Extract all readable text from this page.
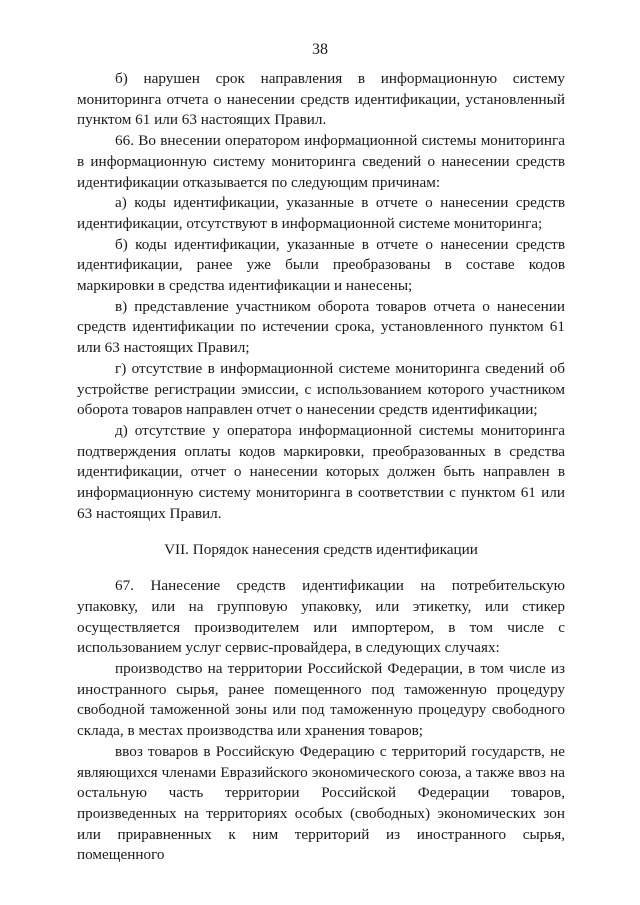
38

б) нарушен срок направления в информационную систему мониторинга отчета о нанесении средств идентификации, установленный пунктом 61 или 63 настоящих Правил.

66. Во внесении оператором информационной системы мониторинга в информационную систему мониторинга сведений о нанесении средств идентификации отказывается по следующим причинам:

а) коды идентификации, указанные в отчете о нанесении средств идентификации, отсутствуют в информационной системе мониторинга;

б) коды идентификации, указанные в отчете о нанесении средств идентификации, ранее уже были преобразованы в составе кодов маркировки в средства идентификации и нанесены;

в) представление участником оборота товаров отчета о нанесении средств идентификации по истечении срока, установленного пунктом 61 или 63 настоящих Правил;

г) отсутствие в информационной системе мониторинга сведений об устройстве регистрации эмиссии, с использованием которого участником оборота товаров направлен отчет о нанесении средств идентификации;

д) отсутствие у оператора информационной системы мониторинга подтверждения оплаты кодов маркировки, преобразованных в средства идентификации, отчет о нанесении которых должен быть направлен в информационную систему мониторинга в соответствии с пунктом 61 или 63 настоящих Правил.

VII. Порядок нанесения средств идентификации

67. Нанесение средств идентификации на потребительскую упаковку, или на групповую упаковку, или этикетку, или стикер осуществляется производителем или импортером, в том числе с использованием услуг сервис-провайдера, в следующих случаях:

производство на территории Российской Федерации, в том числе из иностранного сырья, ранее помещенного под таможенную процедуру свободной таможенной зоны или под таможенную процедуру свободного склада, в местах производства или хранения товаров;

ввоз товаров в Российскую Федерацию с территорий государств, не являющихся членами Евразийского экономического союза, а также ввоз на остальную часть территории Российской Федерации товаров, произведенных на территориях особых (свободных) экономических зон или приравненных к ним территорий из иностранного сырья, помещенного
